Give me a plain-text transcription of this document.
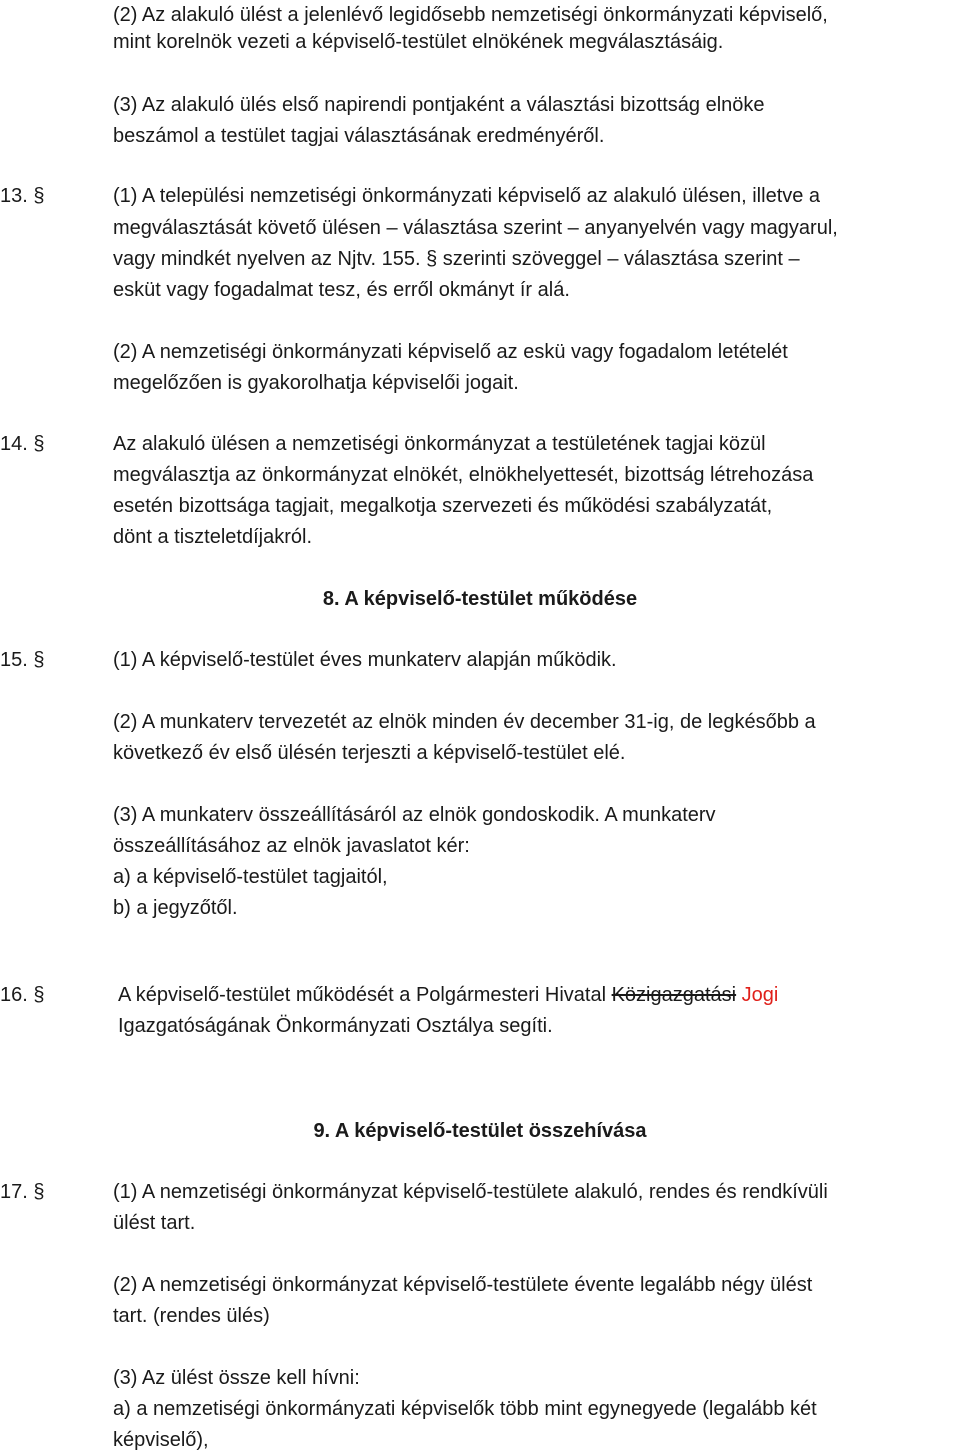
13. §
14. §
15. §
16. §
17. §
8. A képviselő-testület működése
9. A képviselő-testület összehívása
(2) Az alakuló ülést a jelenlévő legidősebb nemzetiségi önkormányzati képviselő,
mint korelnök vezeti a képviselő-testület elnökének megválasztásáig.
(3) Az alakuló ülés első napirendi pontjaként a választási bizottság elnöke
beszámol a testület tagjai választásának eredményéről.
(1) A települési nemzetiségi önkormányzati képviselő az alakuló ülésen, illetve a
megválasztását követő ülésen – választása szerint – anyanyelvén vagy magyarul,
vagy mindkét nyelven az Njtv. 155. § szerinti szöveggel – választása szerint –
esküt vagy fogadalmat tesz, és erről okmányt ír alá.
(2) A nemzetiségi önkormányzati képviselő az eskü vagy fogadalom letételét
megelőzően is gyakorolhatja képviselői jogait.
Az alakuló ülésen a nemzetiségi önkormányzat a testületének tagjai közül
megválasztja az önkormányzat elnökét, elnökhelyettesét, bizottság létrehozása
esetén bizottsága tagjait, megalkotja szervezeti és működési szabályzatát,
dönt a tiszteletdíjakról.
(1) A képviselő-testület éves munkaterv alapján működik.
(2) A munkaterv tervezetét az elnök minden év december 31-ig, de legkésőbb a
következő év első ülésén terjeszti a képviselő-testület elé.
(3) A munkaterv összeállításáról az elnök gondoskodik. A munkaterv
összeállításához az elnök javaslatot kér:
a) a képviselő-testület tagjaitól,
b) a jegyzőtől.
A képviselő-testület működését a Polgármesteri Hivatal Közigazgatási Jogi
Igazgatóságának Önkormányzati Osztálya segíti.
(1) A nemzetiségi önkormányzat képviselő-testülete alakuló, rendes és rendkívüli
ülést tart.
(2) A nemzetiségi önkormányzat képviselő-testülete évente legalább négy ülést
tart. (rendes ülés)
(3) Az ülést össze kell hívni:
a) a nemzetiségi önkormányzati képviselők több mint egynegyede (legalább két
képviselő),
